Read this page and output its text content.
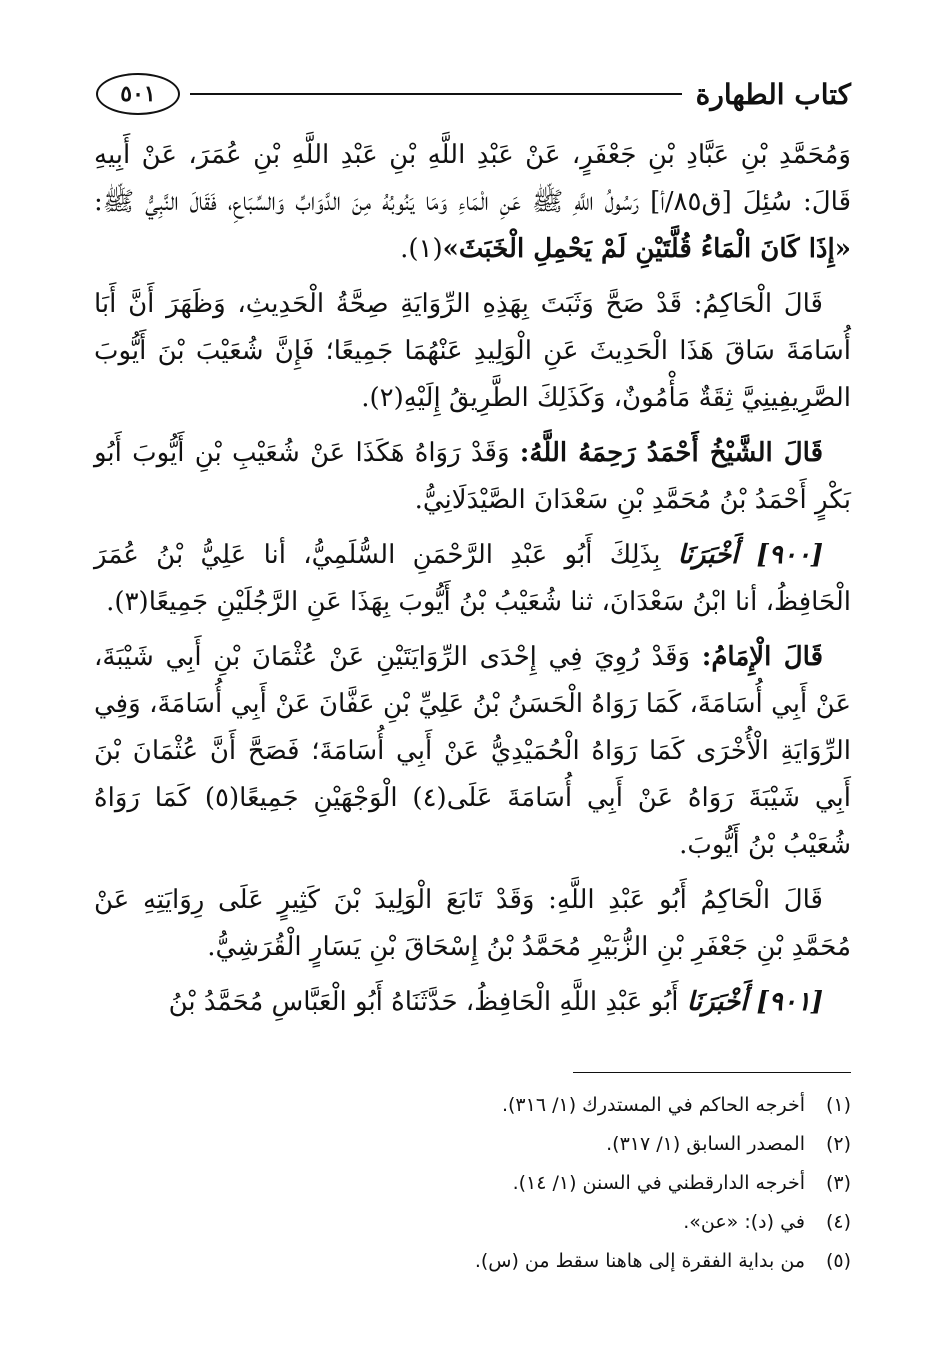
كتاب الطهارة
٥٠١

وَمُحَمَّدِ بْنِ عَبَّادِ بْنِ جَعْفَرٍ، عَنْ عَبْدِ اللَّهِ بْنِ عَبْدِ اللَّهِ بْنِ عُمَرَ، عَنْ أَبِيهِ قَالَ: سُئِلَ [ق٨٥/أ] رَسُولُ اللَّهِ ﷺ عَنِ الْمَاءِ وَمَا يَنُوبُهُ مِنَ الدَّوَابِّ وَالسِّبَاعِ، فَقَالَ النَّبِيُّ ﷺ: «إِذَا كَانَ الْمَاءُ قُلَّتَيْنِ لَمْ يَحْمِلِ الْخَبَثَ»(١).

قَالَ الْحَاكِمُ: قَدْ صَحَّ وَثَبَتَ بِهَذِهِ الرِّوَايَةِ صِحَّةُ الْحَدِيثِ، وَظَهَرَ أَنَّ أَبَا أُسَامَةَ سَاقَ هَذَا الْحَدِيثَ عَنِ الْوَلِيدِ عَنْهُمَا جَمِيعًا؛ فَإِنَّ شُعَيْبَ بْنَ أَيُّوبَ الصَّرِيفِينِيَّ ثِقَةٌ مَأْمُونٌ، وَكَذَلِكَ الطَّرِيقُ إِلَيْهِ(٢).

قَالَ الشَّيْخُ أَحْمَدُ رَحِمَهُ اللَّهُ: وَقَدْ رَوَاهُ هَكَذَا عَنْ شُعَيْبِ بْنِ أَيُّوبَ أَبُو بَكْرٍ أَحْمَدُ بْنُ مُحَمَّدِ بْنِ سَعْدَانَ الصَّيْدَلَانِيُّ.

[٩٠٠] أَخْبَرَنَا بِذَلِكَ أَبُو عَبْدِ الرَّحْمَنِ السُّلَمِيُّ، أنا عَلِيُّ بْنُ عُمَرَ الْحَافِظُ، أنا ابْنُ سَعْدَانَ، ثنا شُعَيْبُ بْنُ أَيُّوبَ بِهَذَا عَنِ الرَّجُلَيْنِ جَمِيعًا(٣).

قَالَ الْإِمَامُ: وَقَدْ رُوِيَ فِي إِحْدَى الرِّوَايَتَيْنِ عَنْ عُثْمَانَ بْنِ أَبِي شَيْبَةَ، عَنْ أَبِي أُسَامَةَ، كَمَا رَوَاهُ الْحَسَنُ بْنُ عَلِيِّ بْنِ عَفَّانَ عَنْ أَبِي أُسَامَةَ، وَفِي الرِّوَايَةِ الْأُخْرَى كَمَا رَوَاهُ الْحُمَيْدِيُّ عَنْ أَبِي أُسَامَةَ؛ فَصَحَّ أَنَّ عُثْمَانَ بْنَ أَبِي شَيْبَةَ رَوَاهُ عَنْ أَبِي أُسَامَةَ عَلَى(٤) الْوَجْهَيْنِ جَمِيعًا(٥) كَمَا رَوَاهُ شُعَيْبُ بْنُ أَيُّوبَ.

قَالَ الْحَاكِمُ أَبُو عَبْدِ اللَّهِ: وَقَدْ تَابَعَ الْوَلِيدَ بْنَ كَثِيرٍ عَلَى رِوَايَتِهِ عَنْ مُحَمَّدِ بْنِ جَعْفَرِ بْنِ الزُّبَيْرِ مُحَمَّدُ بْنُ إِسْحَاقَ بْنِ يَسَارٍ الْقُرَشِيُّ.

[٩٠١] أَخْبَرَنَا أَبُو عَبْدِ اللَّهِ الْحَافِظُ، حَدَّثَنَاهُ أَبُو الْعَبَّاسِ مُحَمَّدُ بْنُ

(١)
أخرجه الحاكم في المستدرك (١/ ٣١٦).
(٢)
المصدر السابق (١/ ٣١٧).
(٣)
أخرجه الدارقطني في السنن (١/ ١٤).
(٤)
في (د): «عن».
(٥)
من بداية الفقرة إلى هاهنا سقط من (س).
